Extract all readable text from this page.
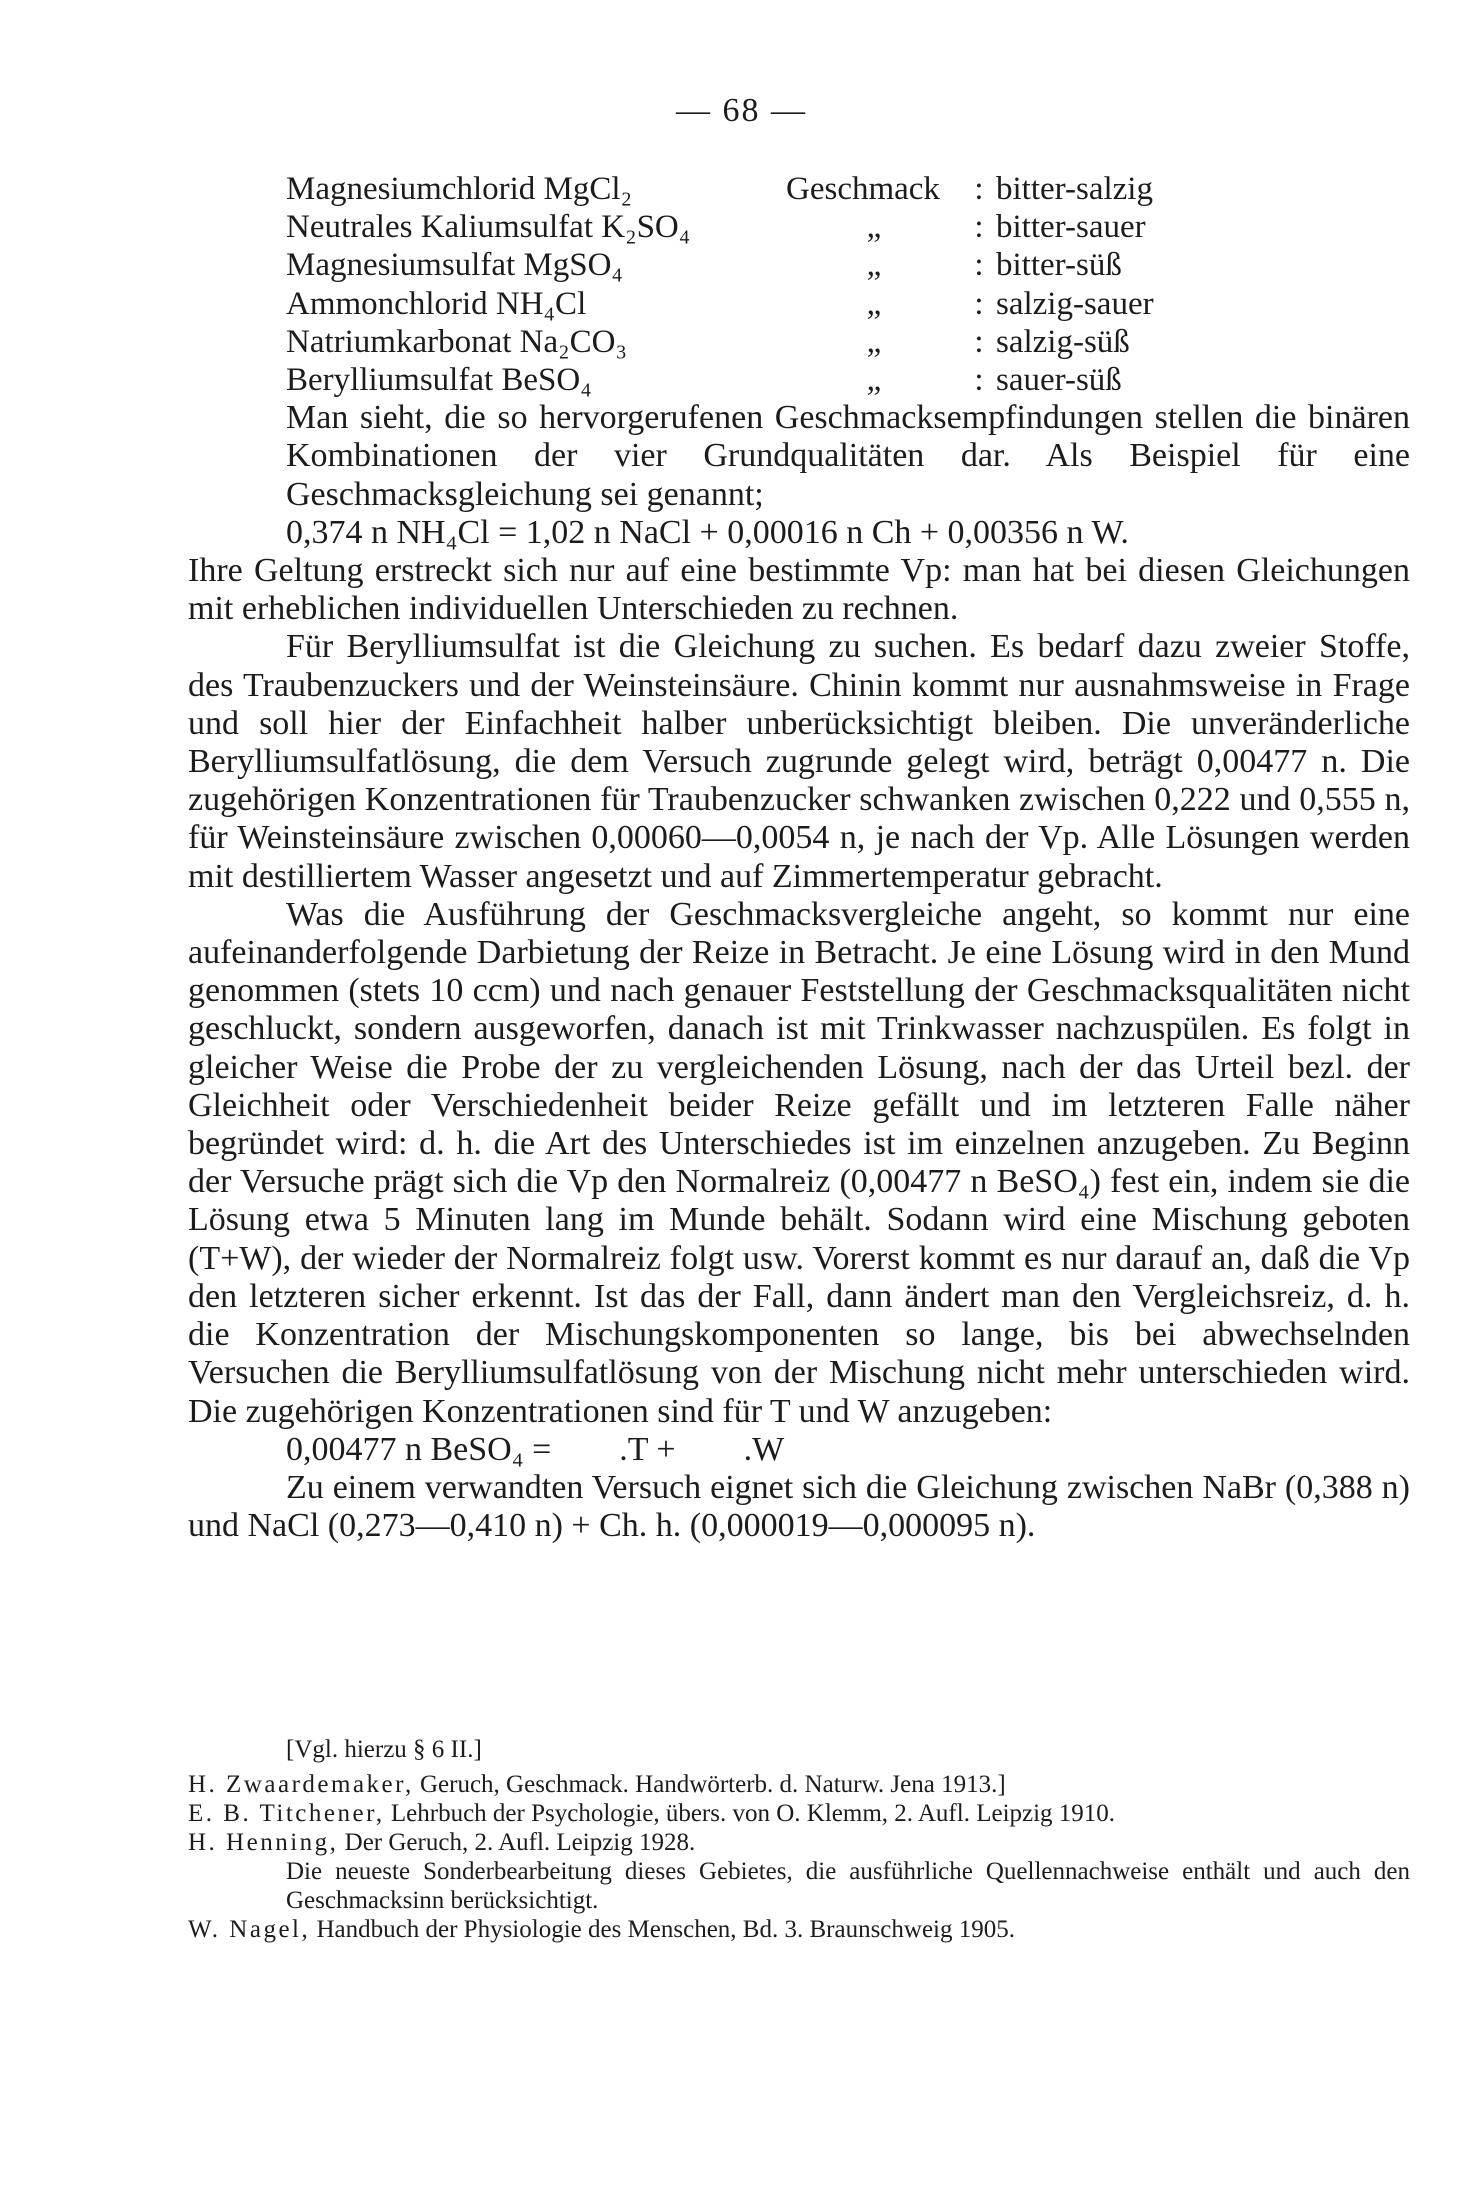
— 68 —
Magnesiumchlorid MgCl₂	Geschmack	:	bitter-salzig
Neutrales Kaliumsulfat K₂SO₄	„	:	bitter-sauer
Magnesiumsulfat MgSO₄	„	:	bitter-süß
Ammonchlorid NH₄Cl	„	:	salzig-sauer
Natriumkarbonat Na₂CO₃	„	:	salzig-süß
Berylliumsulfat BeSO₄	„	:	sauer-süß

Man sieht, die so hervorgerufenen Geschmacksempfindungen stellen die binären Kombinationen der vier Grundqualitäten dar. Als Beispiel für eine Geschmacksgleichung sei genannt;

0,374 n NH₄Cl = 1,02 n NaCl + 0,00016 n Ch + 0,00356 n W.

Ihre Geltung erstreckt sich nur auf eine bestimmte Vp: man hat bei diesen Gleichungen mit erheblichen individuellen Unterschieden zu rechnen.

Für Berylliumsulfat ist die Gleichung zu suchen. Es bedarf dazu zweier Stoffe, des Traubenzuckers und der Weinsteinsäure. Chinin kommt nur ausnahmsweise in Frage und soll hier der Einfachheit halber unberücksichtigt bleiben. Die unveränderliche Berylliumsulfatlösung, die dem Versuch zugrunde gelegt wird, beträgt 0,00477 n. Die zugehörigen Konzentrationen für Traubenzucker schwanken zwischen 0,222 und 0,555 n, für Weinsteinsäure zwischen 0,00060—0,0054 n, je nach der Vp. Alle Lösungen werden mit destilliertem Wasser angesetzt und auf Zimmertemperatur gebracht.

Was die Ausführung der Geschmacksvergleiche angeht, so kommt nur eine aufeinanderfolgende Darbietung der Reize in Betracht. Je eine Lösung wird in den Mund genommen (stets 10 ccm) und nach genauer Feststellung der Geschmacksqualitäten nicht geschluckt, sondern ausgeworfen, danach ist mit Trinkwasser nachzuspülen. Es folgt in gleicher Weise die Probe der zu vergleichenden Lösung, nach der das Urteil bezl. der Gleichheit oder Verschiedenheit beider Reize gefällt und im letzteren Falle näher begründet wird: d. h. die Art des Unterschiedes ist im einzelnen anzugeben. Zu Beginn der Versuche prägt sich die Vp den Normalreiz (0,00477 n BeSO₄) fest ein, indem sie die Lösung etwa 5 Minuten lang im Munde behält. Sodann wird eine Mischung geboten (T+W), der wieder der Normalreiz folgt usw. Vorerst kommt es nur darauf an, daß die Vp den letzteren sicher erkennt. Ist das der Fall, dann ändert man den Vergleichsreiz, d. h. die Konzentration der Mischungskomponenten so lange, bis bei abwechselnden Versuchen die Berylliumsulfatlösung von der Mischung nicht mehr unterschieden wird. Die zugehörigen Konzentrationen sind für T und W anzugeben:

0,00477 n BeSO₄ =        .T +        .W

Zu einem verwandten Versuch eignet sich die Gleichung zwischen NaBr (0,388 n) und NaCl (0,273—0,410 n) + Ch. h. (0,000019—0,000095 n).

[Vgl. hierzu § 6 II.]

H. Zwaardemaker, Geruch, Geschmack. Handwörterb. d. Naturw. Jena 1913.]

E. B. Titchener, Lehrbuch der Psychologie, übers. von O. Klemm, 2. Aufl. Leipzig 1910.

H. Henning, Der Geruch, 2. Aufl. Leipzig 1928.

Die neueste Sonderbearbeitung dieses Gebietes, die ausführliche Quellennachweise enthält und auch den Geschmacksinn berücksichtigt.

W. Nagel, Handbuch der Physiologie des Menschen, Bd. 3. Braunschweig 1905.
